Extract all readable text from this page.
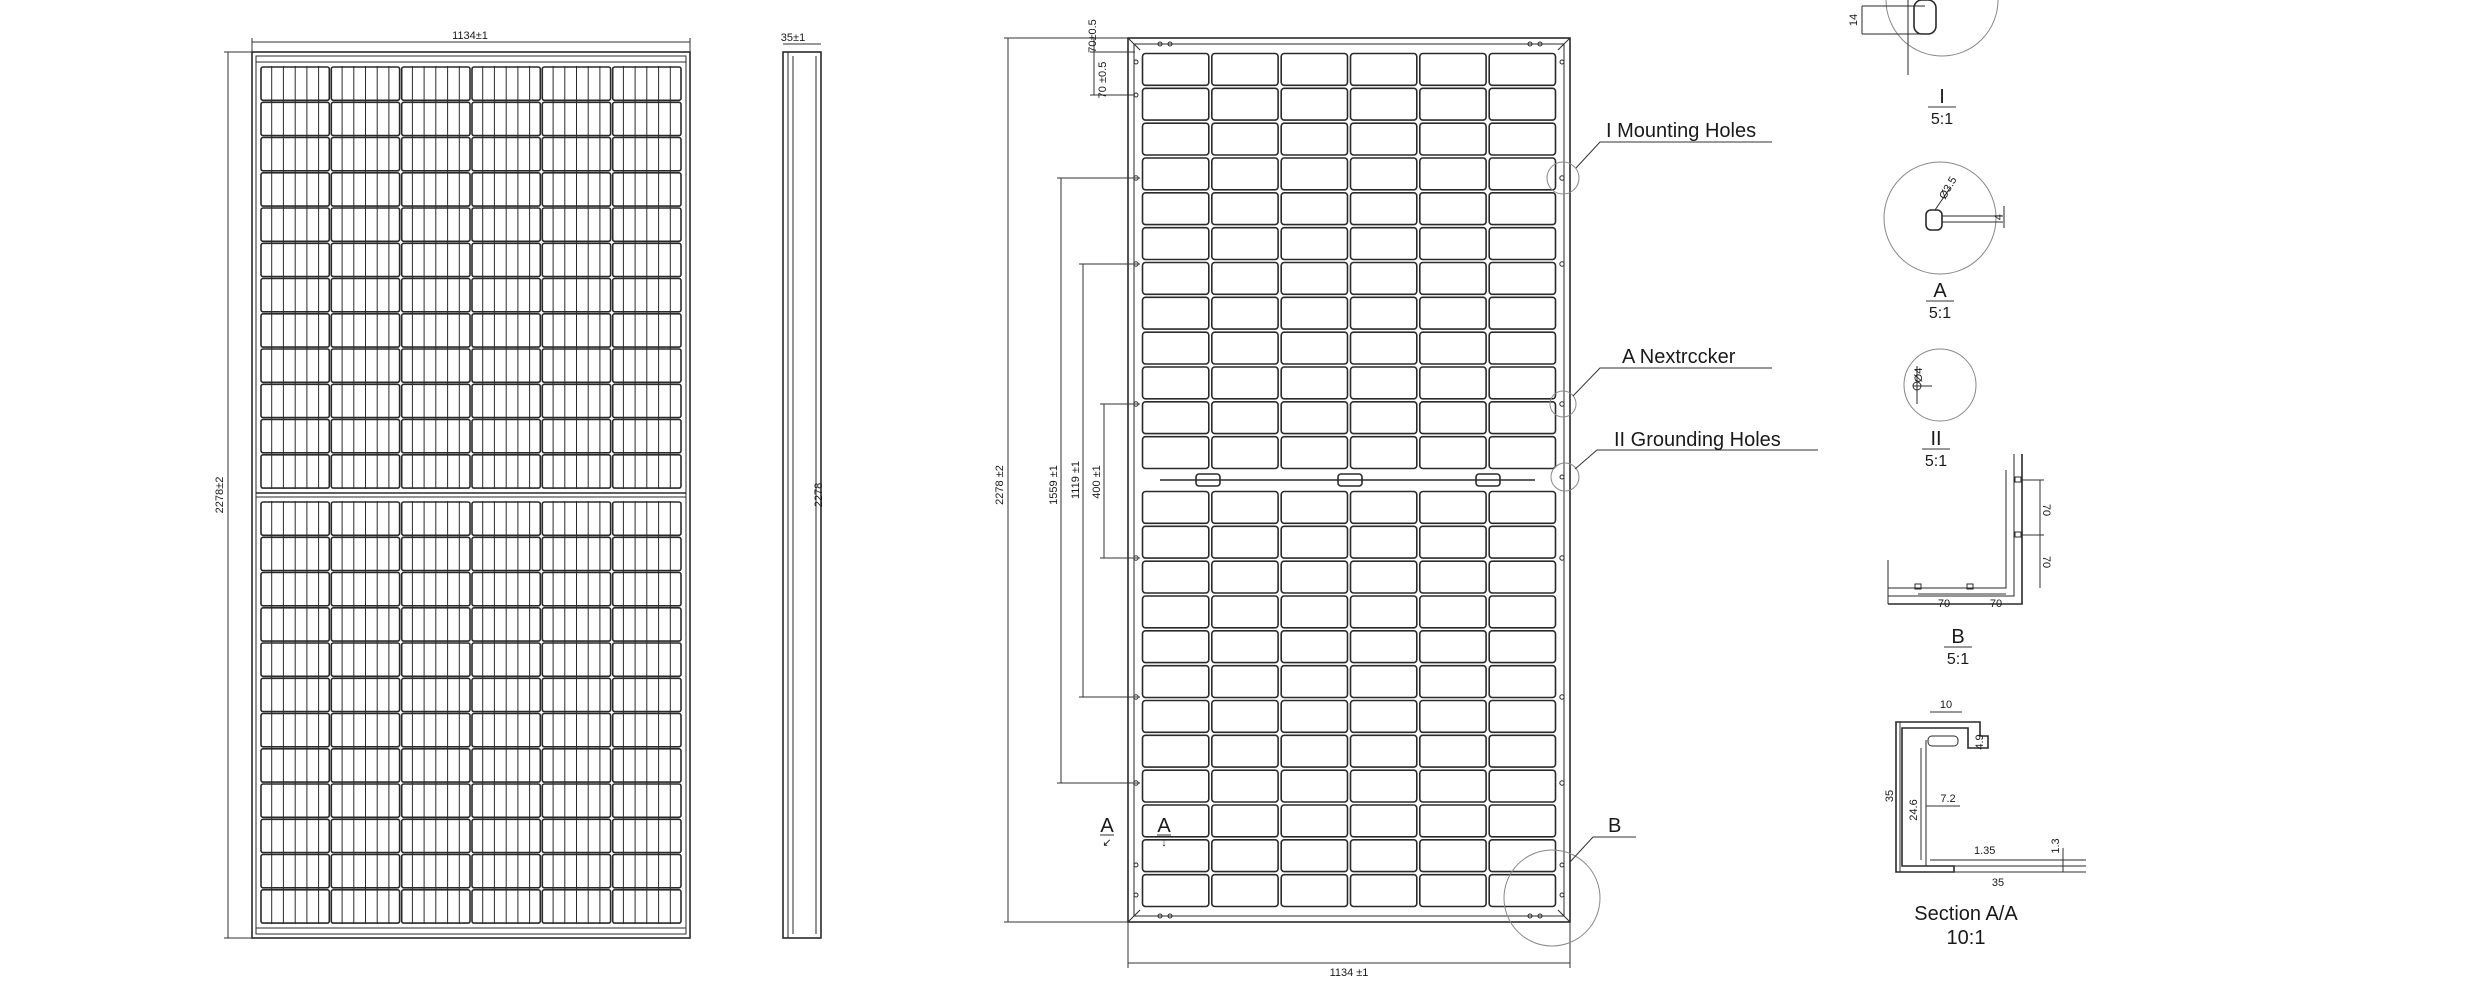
1134±1
2278±2
35±1
2278	2278 ±2	1559 ±1 1119 ±1 400 ±1
70±0.5
70 ±0.5
1134 ±1
A
↙
A
↓
I Mounting Holes
A Nextrccker
II Grounding Holes
B
14
I
5:1
Ø3.5
4
A
5:1
Ø4
II
5:1
70
70
70	70
B
5:1
10
4.9
35
24.6
7.2
1.35	1.3
35
Section A/A
10:1
